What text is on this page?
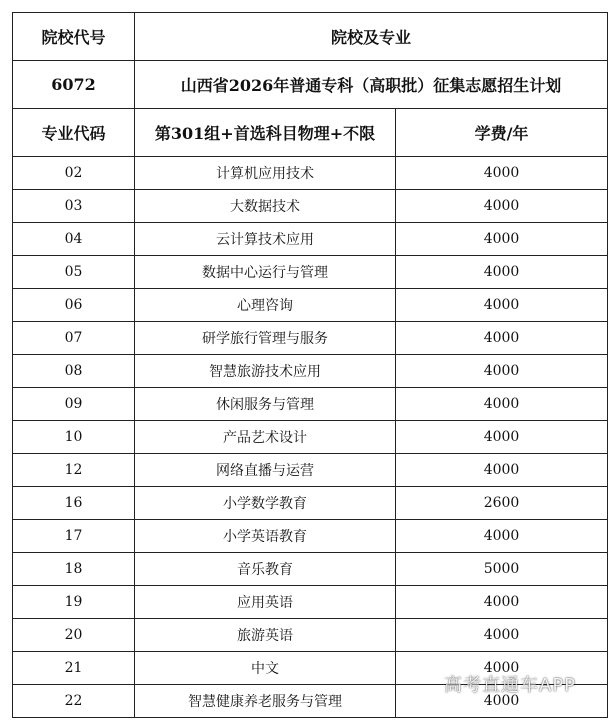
院校代号	院校及专业	
6072	山西省2026年普通专科（高职批）征集志愿招生计划	
专业代码	第301组+首选科目物理+不限	学费/年
02	计算机应用技术	4000
03	大数据技术	4000
04	云计算技术应用	4000
05	数据中心运行与管理	4000
06	心理咨询	4000
07	研学旅行管理与服务	4000
08	智慧旅游技术应用	4000
09	休闲服务与管理	4000
10	产品艺术设计	4000
12	网络直播与运营	4000
16	小学数学教育	2600
17	小学英语教育	4000
18	音乐教育	5000
19	应用英语	4000
20	旅游英语	4000
21	中文	4000
22	智慧健康养老服务与管理	4000
高考直通车APP
